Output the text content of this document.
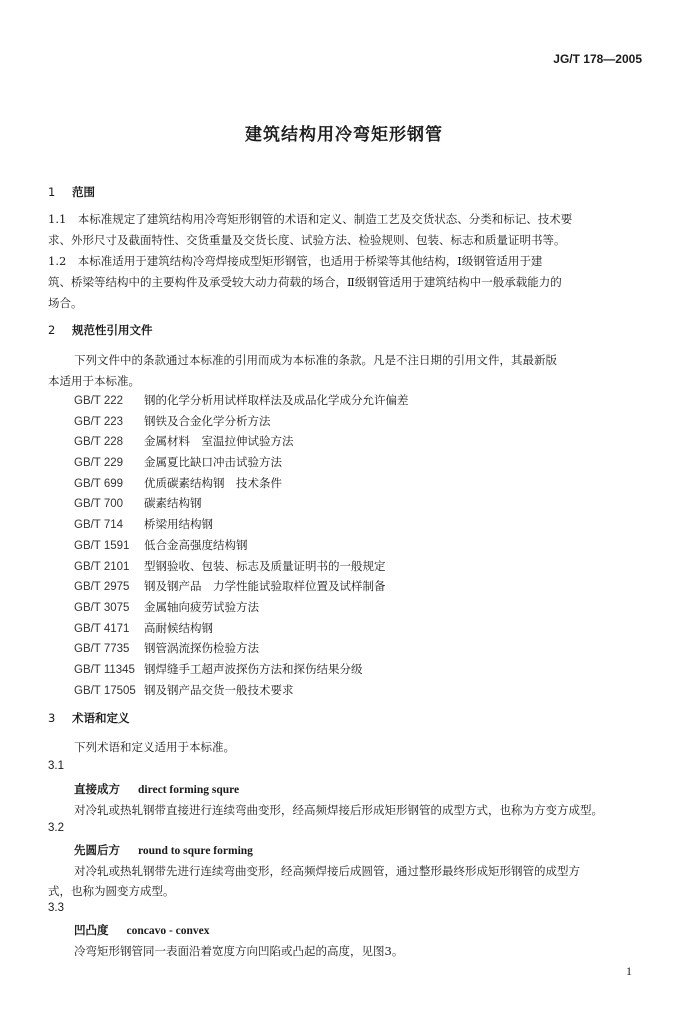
JG/T 178—2005
建筑结构用冷弯矩形钢管
1 范围
1.1　 本标准规定了建筑结构用冷弯矩形钢管的术语和定义、制造工艺及交货状态、分类和标记、技术要
求、外形尺寸及截面特性、交货重量及交货长度、试验方法、检验规则、包装、标志和质量证明书等。
1.2　 本标准适用于建筑结构冷弯焊接成型矩形钢管，也适用于桥梁等其他结构，Ⅰ级钢管适用于建
筑、桥梁等结构中的主要构件及承受较大动力荷载的场合，Ⅱ级钢管适用于建筑结构中一般承载能力的
场合。
2 规范性引用文件
下列文件中的条款通过本标准的引用而成为本标准的条款。凡是不注日期的引用文件，其最新版
本适用于本标准。
GB/T 222 钢的化学分析用试样取样法及成品化学成分允许偏差
GB/T 223 钢铁及合金化学分析方法
GB/T 228 金属材料　室温拉伸试验方法
GB/T 229 金属夏比缺口冲击试验方法
GB/T 699 优质碳素结构钢　技术条件
GB/T 700 碳素结构钢
GB/T 714 桥梁用结构钢
GB/T 1591 低合金高强度结构钢
GB/T 2101 型钢验收、包装、标志及质量证明书的一般规定
GB/T 2975 钢及钢产品　力学性能试验取样位置及试样制备
GB/T 3075 金属轴向疲劳试验方法
GB/T 4171 高耐候结构钢
GB/T 7735 钢管涡流探伤检验方法
GB/T 11345 钢焊缝手工超声波探伤方法和探伤结果分级
GB/T 17505 钢及钢产品交货一般技术要求
3 术语和定义
下列术语和定义适用于本标准。
3.1
直接成方 direct forming squre
对冷轧或热轧钢带直接进行连续弯曲变形，经高频焊接后形成矩形钢管的成型方式，也称为方变方成型。
3.2
先圆后方 round to squre forming
对冷轧或热轧钢带先进行连续弯曲变形，经高频焊接后成圆管，通过整形最终形成矩形钢管的成型方
式，也称为圆变方成型。
3.3
凹凸度 concavo - convex
冷弯矩形钢管同一表面沿着宽度方向凹陷或凸起的高度，见图3。
1
